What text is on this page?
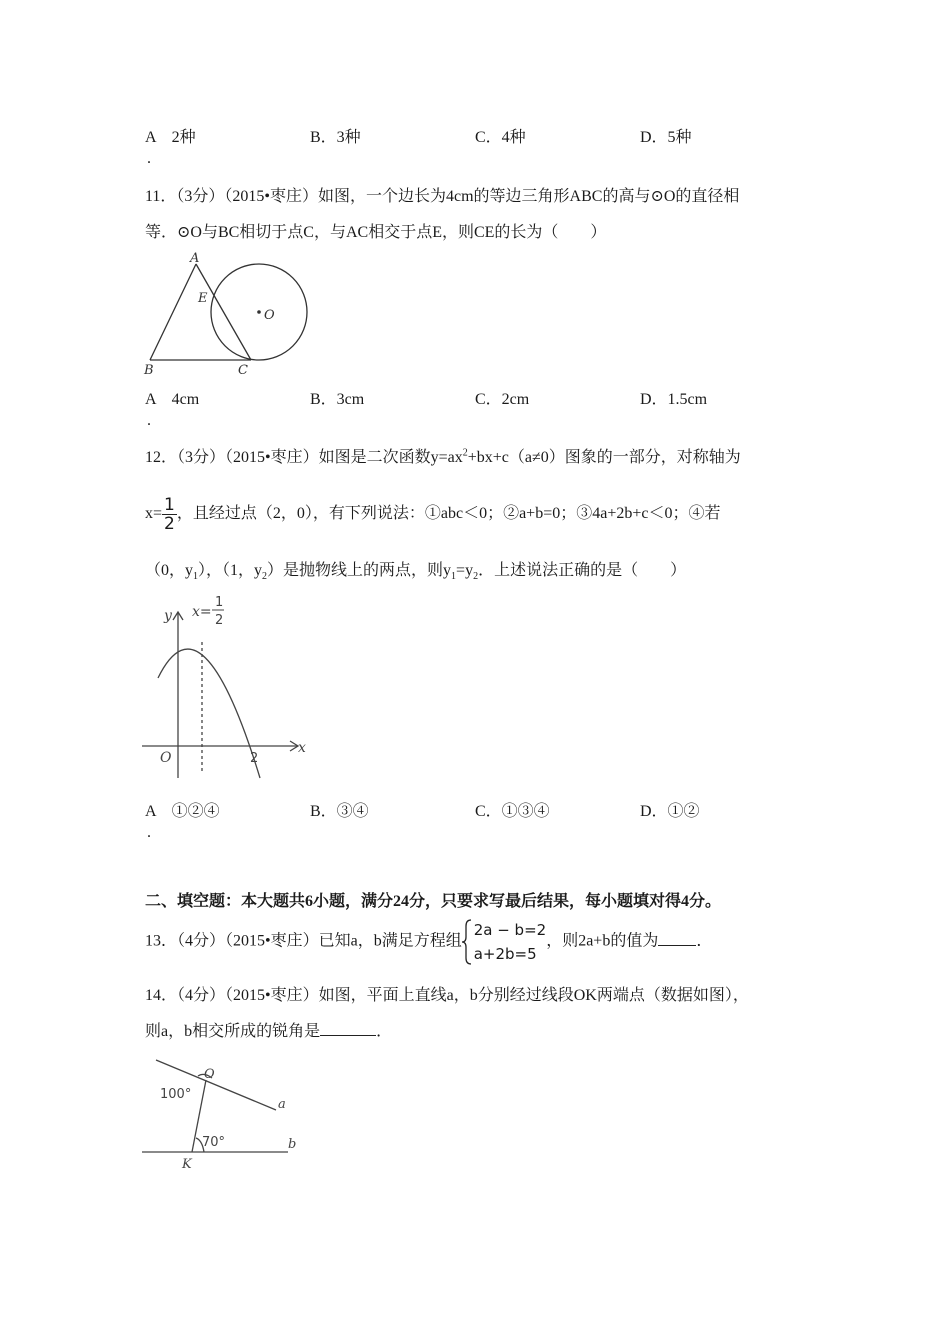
A　2种	B．3种	C．4种	D．5种
.
11．（3分）（2015•枣庄）如图，一个边长为4cm的等边三角形ABC的高与⊙O的直径相
等．⊙O与BC相切于点C，与AC相交于点E，则CE的长为（　　）
A
E
O
B	C
A　4cm	B．3cm	C．2cm	D．1.5cm
.
12．（3分）（2015•枣庄）如图是二次函数$y=ax^2+bx+c(a\ne 0)$图象的一部分，对称轴为
$x= \frac{1}{2}$ ，且经过点（2，0），有下列说法：①abc＜0；②a+b=0；③4a+2b+c＜0；④若
（0，$y_1$），（1，$y_2$）是抛物线上的两点，则$y_1=y_2$．上述说法正确的是（　　）
y x=
O
x
1
2
2
A　①②④	B．③④	C．①③④	D．①②
.
二、填空题：本大题共6小题，满分24分，只要求写最后结果，每小题填对得4分。
13．（4分）（2015•枣庄）已知a，b满足方程组
2a − b=2
a+2b=5
，则2a+b的值为 ．
14．（4分）（2015•枣庄）如图，平面上直线a，b分别经过线段OK两端点（数据如图），
则a，b相交所成的锐角是	．
O
a
b
K
100°
70°
